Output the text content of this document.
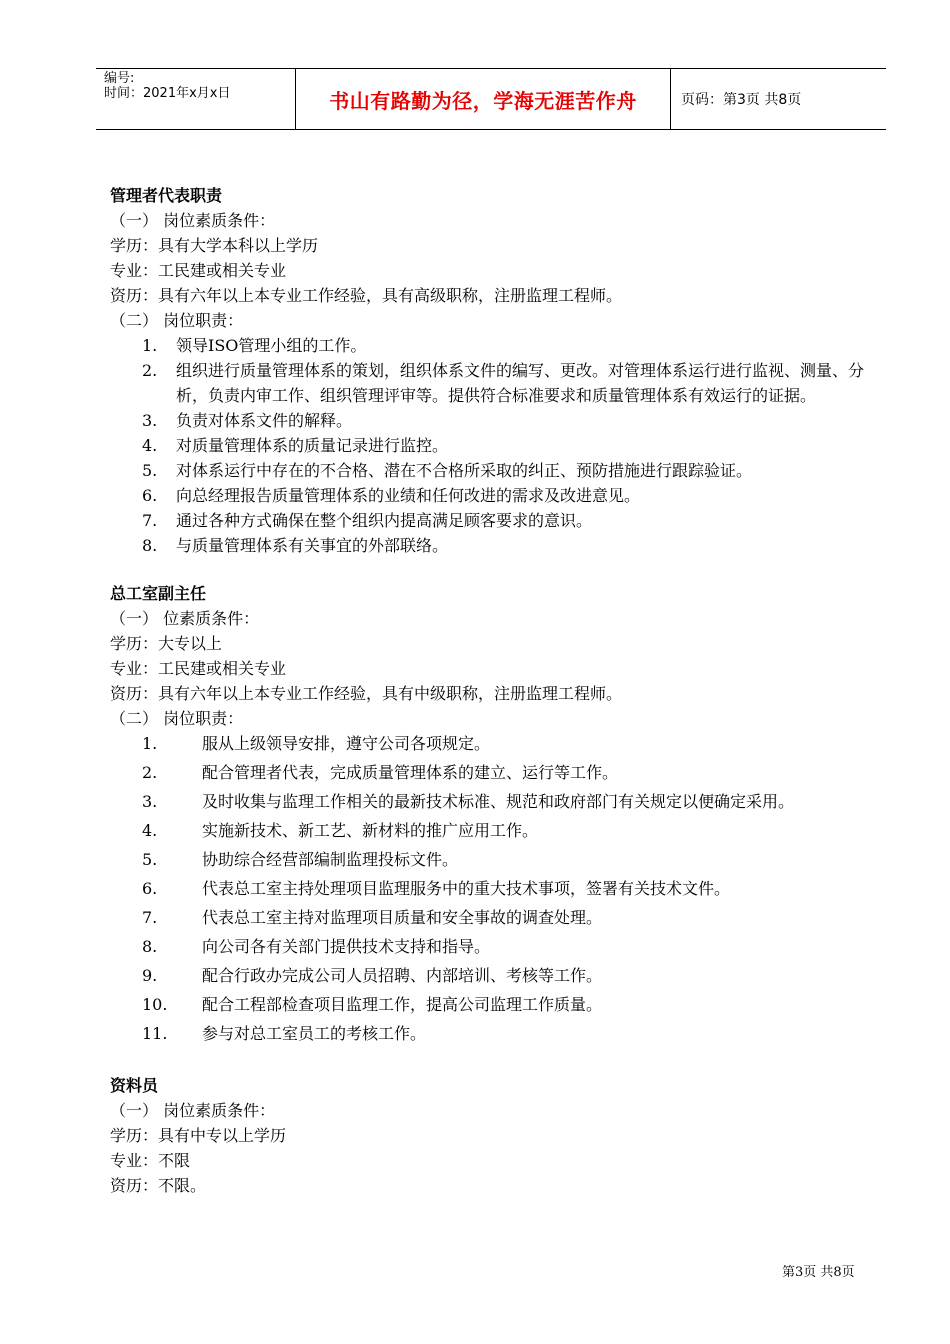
编号:
时间：2021年x月x日	书山有路勤为径，学海无涯苦作舟	页码：第3页 共8页
管理者代表职责
（一） 岗位素质条件：
学历：具有大学本科以上学历
专业：工民建或相关专业
资历：具有六年以上本专业工作经验，具有高级职称，注册监理工程师。
（二） 岗位职责：
1.	领导ISO管理小组的工作。
2.	组织进行质量管理体系的策划，组织体系文件的编写、更改。对管理体系运行进行监视、测量、分析，负责内审工作、组织管理评审等。提供符合标准要求和质量管理体系有效运行的证据。
3.	负责对体系文件的解释。
4.	对质量管理体系的质量记录进行监控。
5.	对体系运行中存在的不合格、潜在不合格所采取的纠正、预防措施进行跟踪验证。
6.	向总经理报告质量管理体系的业绩和任何改进的需求及改进意见。
7.	通过各种方式确保在整个组织内提高满足顾客要求的意识。
8.	与质量管理体系有关事宜的外部联络。
总工室副主任
（一） 位素质条件：
学历：大专以上
专业：工民建或相关专业
资历：具有六年以上本专业工作经验，具有中级职称，注册监理工程师。
（二） 岗位职责：
1.	服从上级领导安排，遵守公司各项规定。
2.	配合管理者代表，完成质量管理体系的建立、运行等工作。
3.	及时收集与监理工作相关的最新技术标准、规范和政府部门有关规定以便确定采用。
4.	实施新技术、新工艺、新材料的推广应用工作。
5.	协助综合经营部编制监理投标文件。
6.	代表总工室主持处理项目监理服务中的重大技术事项，签署有关技术文件。
7.	代表总工室主持对监理项目质量和安全事故的调查处理。
8.	向公司各有关部门提供技术支持和指导。
9.	配合行政办完成公司人员招聘、内部培训、考核等工作。
10.	配合工程部检查项目监理工作，提高公司监理工作质量。
11.	参与对总工室员工的考核工作。
资料员
（一） 岗位素质条件：
学历：具有中专以上学历
专业：不限
资历：不限。
第3页 共8页
